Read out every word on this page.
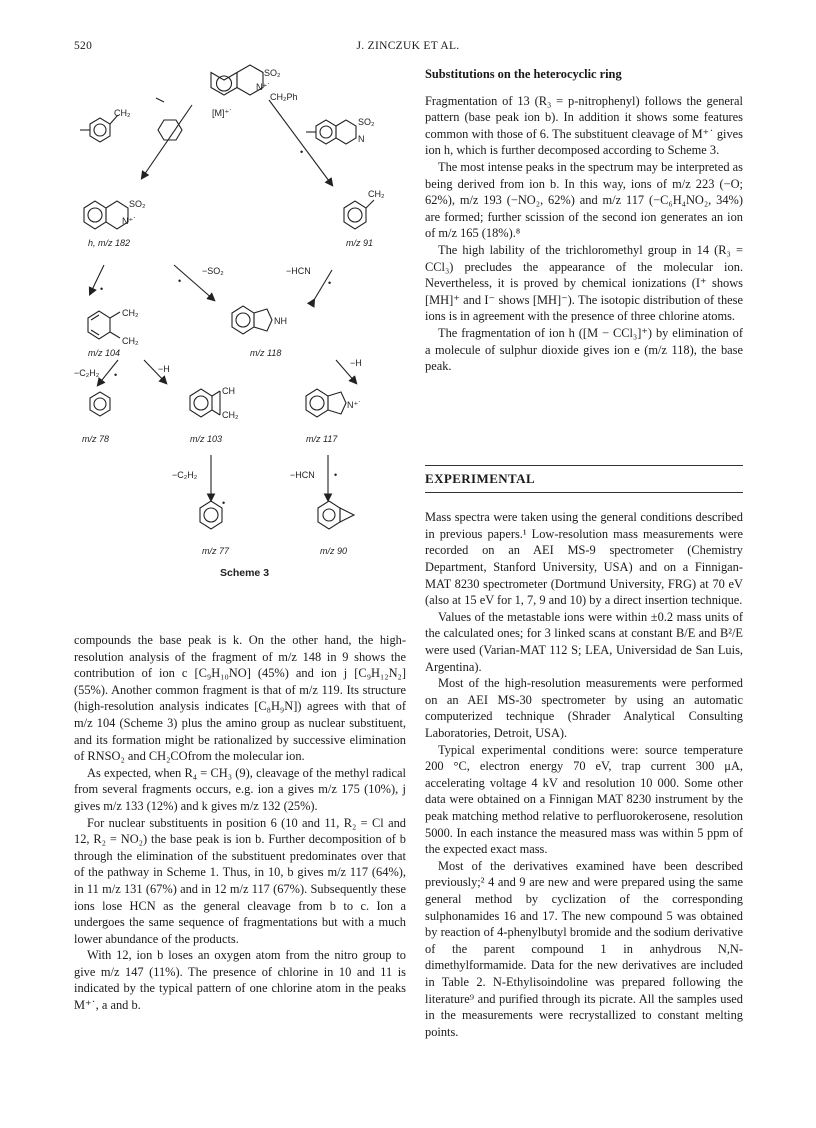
520	J. ZINCZUK ET AL.
SO₂
N⁺˙
CH₂Ph
[M]⁺˙
CH₂
SO₂
N
•
SO₂
N⁺˙
CH₂
h, m/z 182	m/z 91
−SO₂
•
−HCN
•
•
CH₂
CH₂
NH
m/z 104	m/z 118
−C₂H₂ •
−H
−H
CH
CH₂
N⁺˙
m/z 78	m/z 103	m/z 117
−C₂H₂	−HCN •
•
m/z 77	m/z 90
Scheme 3

compounds the base peak is k. On the other hand, the high-resolution analysis of the fragment of m/z 148 in 9 shows the contribution of ion c [C₉H₁₀NO] (45%) and ion j [C₉H₁₂N₂] (55%). Another common fragment is that of m/z 119. Its structure (high-resolution analysis indicates [C₈H₉N]) agrees with that of m/z 104 (Scheme 3) plus the amino group as nuclear substituent, and its formation might be rationalized by successive elimination of RNSO₂ and CH₂COfrom the molecular ion.

As expected, when R₄ = CH₃ (9), cleavage of the methyl radical from several fragments occurs, e.g. ion a gives m/z 175 (10%), j gives m/z 133 (12%) and k gives m/z 132 (25%).

For nuclear substituents in position 6 (10 and 11, R₂ = Cl and 12, R₂ = NO₂) the base peak is ion b. Further decomposition of b through the elimination of the substituent predominates over that of the pathway in Scheme 1. Thus, in 10, b gives m/z 117 (64%), in 11 m/z 131 (67%) and in 12 m/z 117 (67%). Subsequently these ions lose HCN as the general cleavage from b to c. Ion a undergoes the same sequence of fragmentations but with a much lower abundance of the products.

With 12, ion b loses an oxygen atom from the nitro group to give m/z 147 (11%). The presence of chlorine in 10 and 11 is indicated by the typical pattern of one chlorine atom in the peaks M⁺˙, a and b.

Substitutions on the heterocyclic ring

Fragmentation of 13 (R₃ = p-nitrophenyl) follows the general pattern (base peak ion b). In addition it shows some features common with those of 6. The substituent cleavage of M⁺˙ gives ion h, which is further decomposed according to Scheme 3.

The most intense peaks in the spectrum may be interpreted as being derived from ion b. In this way, ions of m/z 223 (−O; 62%), m/z 193 (−NO₂, 62%) and m/z 117 (−C₆H₄NO₂, 34%) are formed; further scission of the second ion generates an ion of m/z 165 (18%).⁸

The high lability of the trichloromethyl group in 14 (R₃ = CCl₃) precludes the appearance of the molecular ion. Nevertheless, it is proved by chemical ionizations (I⁺ shows [MH]⁺ and I⁻ shows [MH]⁻). The isotopic distribution of these ions is in agreement with the presence of three chlorine atoms.

The fragmentation of ion h ([M − CCl₃]⁺) by elimination of a molecule of sulphur dioxide gives ion e (m/z 118), the base peak.

EXPERIMENTAL

Mass spectra were taken using the general conditions described in previous papers.¹ Low-resolution mass measurements were recorded on an AEI MS-9 spectrometer (Chemistry Department, Stanford University, USA) and on a Finnigan-MAT 8230 spectrometer (Dortmund University, FRG) at 70 eV (also at 15 eV for 1, 7, 9 and 10) by a direct insertion technique.

Values of the metastable ions were within ±0.2 mass units of the calculated ones; for 3 linked scans at constant B/E and B²/E were used (Varian-MAT 112 S; LEA, Universidad de San Luis, Argentina).

Most of the high-resolution measurements were performed on an AEI MS-30 spectrometer by using an automatic computerized technique (Shrader Analytical Consulting Laboratories, Detroit, USA).

Typical experimental conditions were: source temperature 200 °C, electron energy 70 eV, trap current 300 μA, accelerating voltage 4 kV and resolution 10 000. Some other data were obtained on a Finnigan MAT 8230 instrument by the peak matching method relative to perfluorokerosene, resolution 5000. In each instance the measured mass was within 5 ppm of the expected exact mass.

Most of the derivatives examined have been described previously;² 4 and 9 are new and were prepared using the same general method by cyclization of the corresponding sulphonamides 16 and 17. The new compound 5 was obtained by reaction of 4-phenylbutyl bromide and the sodium derivative of the parent compound 1 in anhydrous N,N-dimethylformamide. Data for the new derivatives are included in Table 2. N-Ethylisoindoline was prepared following the literature⁹ and purified through its picrate. All the samples used in the measurements were recrystallized to constant melting points.
